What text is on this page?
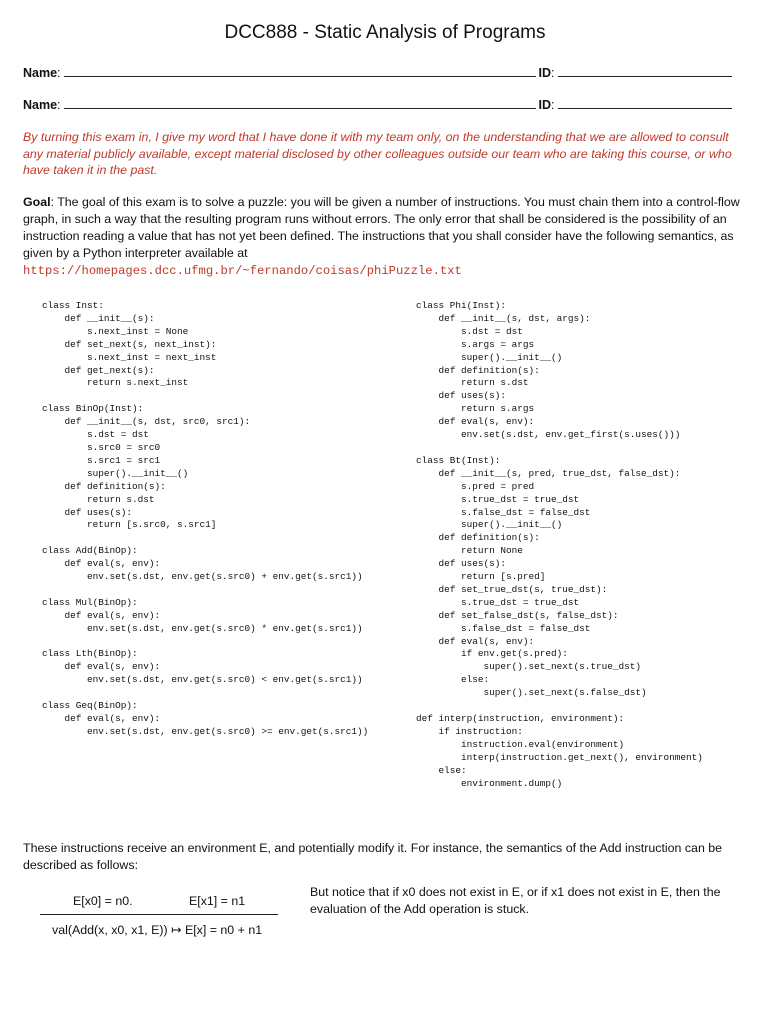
DCC888 - Static Analysis of Programs
Name :	ID :
Name :	ID :
By turning this exam in, I give my word that I have done it with my team only, on the understanding that we are allowed to consult any material publicly available, except material disclosed by other colleagues outside our team who are taking this course, or who have taken it in the past.
Goal: The goal of this exam is to solve a puzzle: you will be given a number of instructions. You must chain them into a control-flow graph, in such a way that the resulting program runs without errors. The only error that shall be considered is the possibility of an instruction reading a value that has not yet been defined. The instructions that you shall consider have the following semantics, as given by a Python interpreter available at
https://homepages.dcc.ufmg.br/~fernando/coisas/phiPuzzle.txt
class Inst:
def __init__(s):
s.next_inst = None
def set_next(s, next_inst):
s.next_inst = next_inst
def get_next(s):
return s.next_inst

class BinOp(Inst):
def __init__(s, dst, src0, src1):
s.dst = dst
s.src0 = src0
s.src1 = src1
super().__init__()
def definition(s):
return s.dst
def uses(s):
return [s.src0, s.src1]

class Add(BinOp):
def eval(s, env):
env.set(s.dst, env.get(s.src0) + env.get(s.src1))

class Mul(BinOp):
def eval(s, env):
env.set(s.dst, env.get(s.src0) * env.get(s.src1))

class Lth(BinOp):
def eval(s, env):
env.set(s.dst, env.get(s.src0) < env.get(s.src1))

class Geq(BinOp):
def eval(s, env):
env.set(s.dst, env.get(s.src0) >= env.get(s.src1))
class Phi(Inst):
def __init__(s, dst, args):
s.dst = dst
s.args = args
super().__init__()
def definition(s):
return s.dst
def uses(s):
return s.args
def eval(s, env):
env.set(s.dst, env.get_first(s.uses()))

class Bt(Inst):
def __init__(s, pred, true_dst, false_dst):
s.pred = pred
s.true_dst = true_dst
s.false_dst = false_dst
super().__init__()
def definition(s):
return None
def uses(s):
return [s.pred]
def set_true_dst(s, true_dst):
s.true_dst = true_dst
def set_false_dst(s, false_dst):
s.false_dst = false_dst
def eval(s, env):
if env.get(s.pred):
super().set_next(s.true_dst)
else:
super().set_next(s.false_dst)

def interp(instruction, environment):
if instruction:
instruction.eval(environment)
interp(instruction.get_next(), environment)
else:
environment.dump()
These instructions receive an environment E, and potentially modify it. For instance, the semantics of the Add instruction can be described as follows:
E[x0] = n0.	E[x1] = n1
val(Add(x, x0, x1, E)) ↦ E[x] = n0 + n1
But notice that if x0 does not exist in E, or if x1 does not exist in E, then the evaluation of the Add operation is stuck.
